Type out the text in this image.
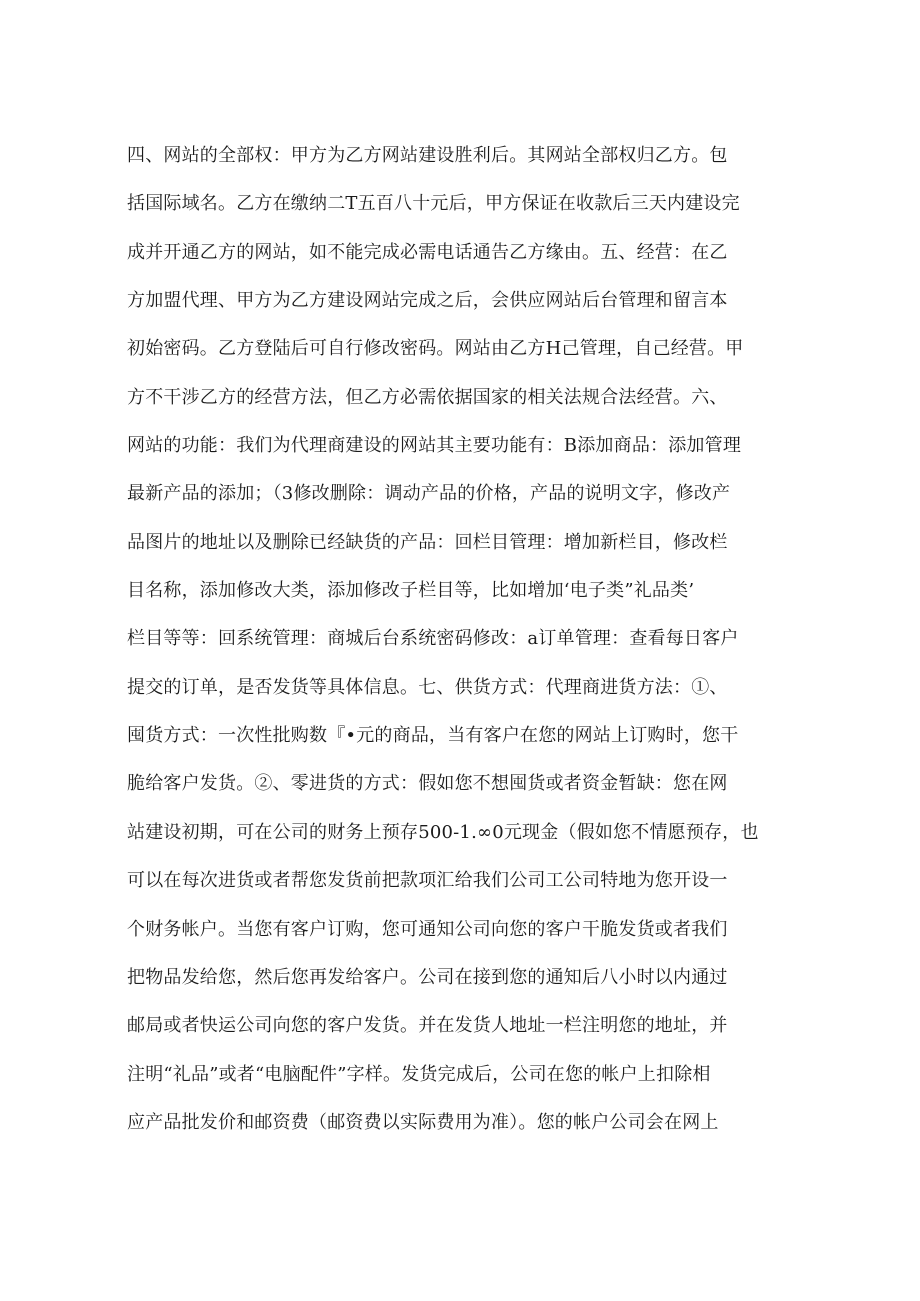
四、网站的全部权：甲方为乙方网站建设胜利后。其网站全部权归乙方。包
括国际域名。乙方在缴纳二T五百八十元后，甲方保证在收款后三天内建设完
成并开通乙方的网站，如不能完成必需电话通告乙方缘由。五、经营：在乙
方加盟代理、甲方为乙方建设网站完成之后，会供应网站后台管理和留言本
初始密码。乙方登陆后可自行修改密码。网站由乙方H己管理，自己经营。甲
方不干涉乙方的经营方法，但乙方必需依据国家的相关法规合法经营。六、
网站的功能：我们为代理商建设的网站其主要功能有：B添加商品：添加管理
最新产品的添加；（3修改删除：调动产品的价格，产品的说明文字，修改产
品图片的地址以及删除已经缺货的产品：回栏目管理：增加新栏目，修改栏
目名称，添加修改大类，添加修改子栏目等，比如增加‘电子类”礼品类’
栏目等等：回系统管理：商城后台系统密码修改：a订单管理：查看每日客户
提交的订单，是否发货等具体信息。七、供货方式：代理商进货方法：①、
囤货方式：一次性批购数『•元的商品，当有客户在您的网站上订购时，您干
脆给客户发货。②、零进货的方式：假如您不想囤货或者资金暂缺：您在网
站建设初期，可在公司的财务上预存500-1.∞0元现金（假如您不情愿预存，也
可以在每次进货或者帮您发货前把款项汇给我们公司工公司特地为您开设一
个财务帐户。当您有客户订购，您可通知公司向您的客户干脆发货或者我们
把物品发给您，然后您再发给客户。公司在接到您的通知后八小时以内通过
邮局或者快运公司向您的客户发货。并在发货人地址一栏注明您的地址，并
注明“礼品”或者“电脑配件”字样。发货完成后，公司在您的帐户上扣除相
应产品批发价和邮资费（邮资费以实际费用为准）。您的帐户公司会在网上
